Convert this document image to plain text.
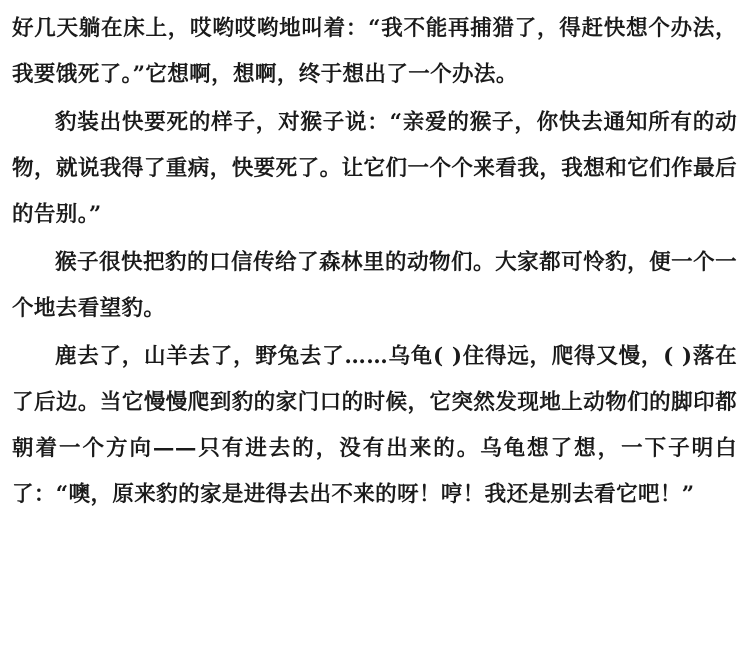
好几天躺在床上，哎哟哎哟地叫着：“我不能再捕猎了，得赶快想个办法，我要饿死了。”它想啊，想啊，终于想出了一个办法。

豹装出快要死的样子，对猴子说：“亲爱的猴子，你快去通知所有的动物，就说我得了重病，快要死了。让它们一个个来看我，我想和它们作最后的告别。”

猴子很快把豹的口信传给了森林里的动物们。大家都可怜豹，便一个一个地去看望豹。

鹿去了，山羊去了，野兔去了……乌龟( )住得远，爬得又慢，( )落在了后边。当它慢慢爬到豹的家门口的时候，它突然发现地上动物们的脚印都朝着一个方向——只有进去的，没有出来的。乌龟想了想，一下子明白了：“噢，原来豹的家是进得去出不来的呀！哼！我还是别去看它吧！”
